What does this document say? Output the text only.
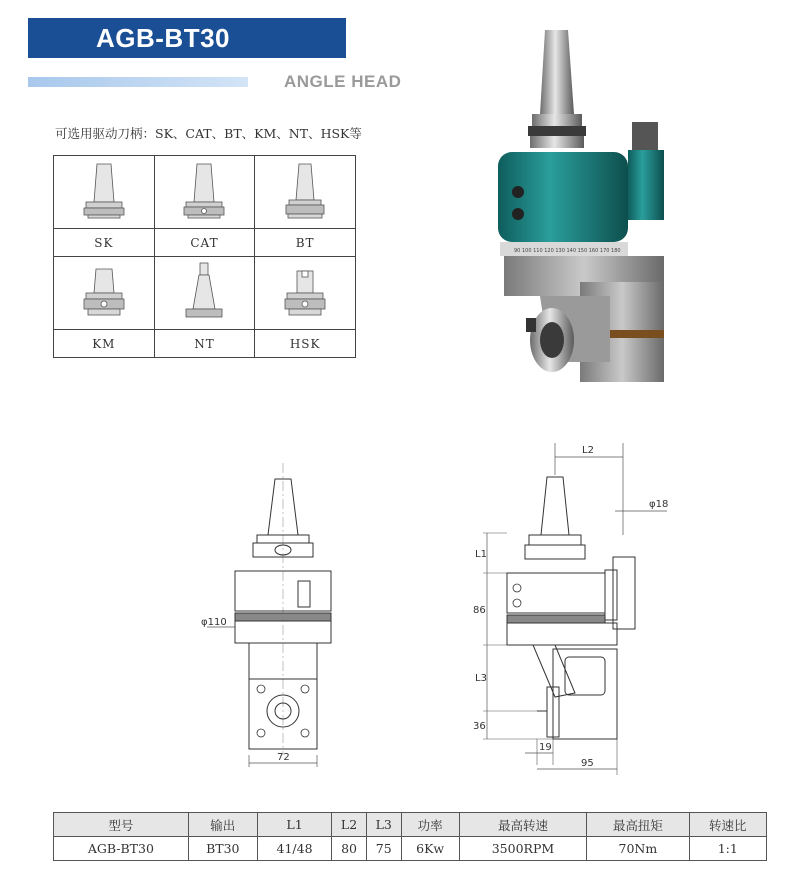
AGB-BT30
ANGLE HEAD
可选用驱动刀柄：SK、CAT、BT、KM、NT、HSK等

SK	CAT	BT

KM	NT	HSK
90 100 110 120 130 140 150 160 170 180
φ110
72
L2
φ18
L1
86
L3
36
19
95
型号	输出	L1	L2	L3	功率	最高转速	最高扭矩	转速比
AGB-BT30	BT30	41/48	80	75	6Kw	3500RPM	70Nm	1:1
